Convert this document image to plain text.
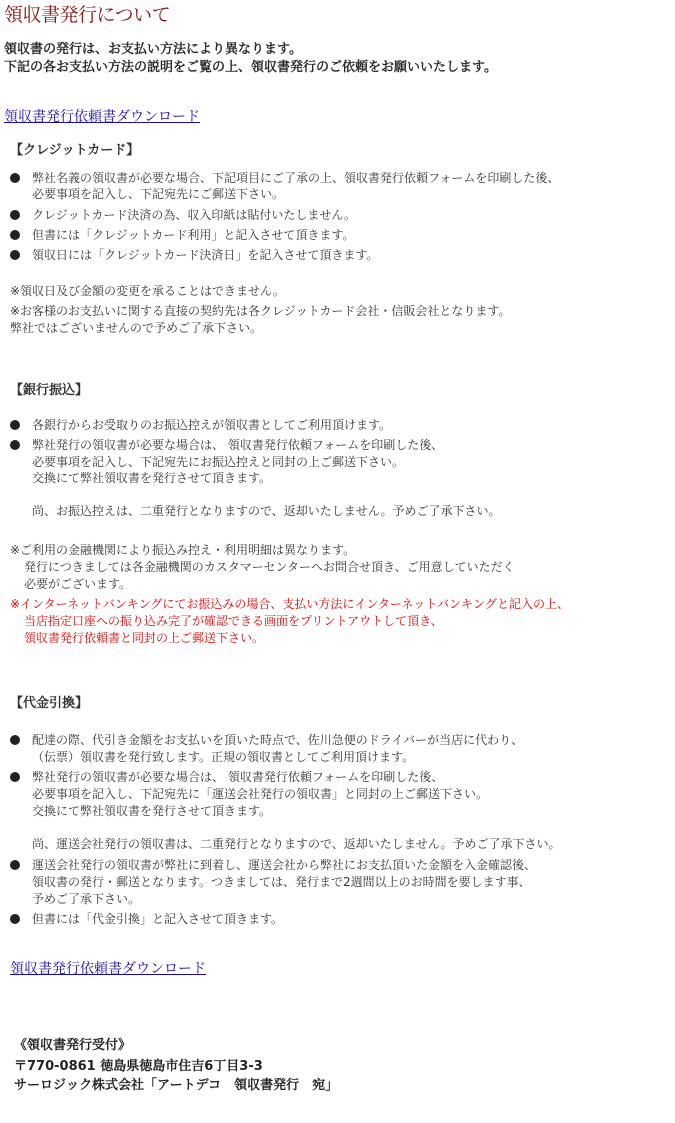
領収書発行について
領収書の発行は、お支払い方法により異なります。
下記の各お支払い方法の説明をご覧の上、領収書発行のご依頼をお願いいたします。
領収書発行依頼書ダウンロード
【クレジットカード】
弊社名義の領収書が必要な場合、下記項目にご了承の上、領収書発行依頼フォームを印刷した後、
必要事項を記入し、下記宛先にご郵送下さい。
クレジットカード決済の為、収入印紙は貼付いたしません。
但書には「クレジットカード利用」と記入させて頂きます。
領収日には「クレジットカード決済日」を記入させて頂きます。
※領収日及び金額の変更を承ることはできません。
※お客様のお支払いに関する直接の契約先は各クレジットカード会社・信販会社となります。
弊社ではございませんので予めご了承下さい。
【銀行振込】
各銀行からお受取りのお振込控えが領収書としてご利用頂けます。
弊社発行の領収書が必要な場合は、 領収書発行依頼フォームを印刷した後、
必要事項を記入し、下記宛先にお振込控えと同封の上ご郵送下さい。
交換にて弊社領収書を発行させて頂きます。
尚、お振込控えは、二重発行となりますので、返却いたしません。予めご了承下さい。
※ご利用の金融機関により振込み控え・利用明細は異なります。
発行につきましては各金融機関のカスタマーセンターへお問合せ頂き、ご用意していただく
必要がございます。
※インターネットバンキングにてお振込みの場合、支払い方法にインターネットバンキングと記入の上、
当店指定口座への振り込み完了が確認できる画面をプリントアウトして頂き、
領収書発行依頼書と同封の上ご郵送下さい。
【代金引換】
配達の際、代引き金額をお支払いを頂いた時点で、佐川急便のドライバーが当店に代わり、
（伝票）領収書を発行致します。正規の領収書としてご利用頂けます。
弊社発行の領収書が必要な場合は、 領収書発行依頼フォームを印刷した後、
必要事項を記入し、下記宛先に「運送会社発行の領収書」と同封の上ご郵送下さい。
交換にて弊社領収書を発行させて頂きます。
尚、運送会社発行の領収書は、二重発行となりますので、返却いたしません。予めご了承下さい。
運送会社発行の領収書が弊社に到着し、運送会社から弊社にお支払頂いた金額を入金確認後、
領収書の発行・郵送となります。つきましては、発行まで2週間以上のお時間を要します事、
予めご了承下さい。
但書には「代金引換」と記入させて頂きます。
領収書発行依頼書ダウンロード
《領収書発行受付》
〒770-0861 徳島県徳島市住吉6丁目3-3
サーロジック株式会社「アートデコ　領収書発行　宛」
